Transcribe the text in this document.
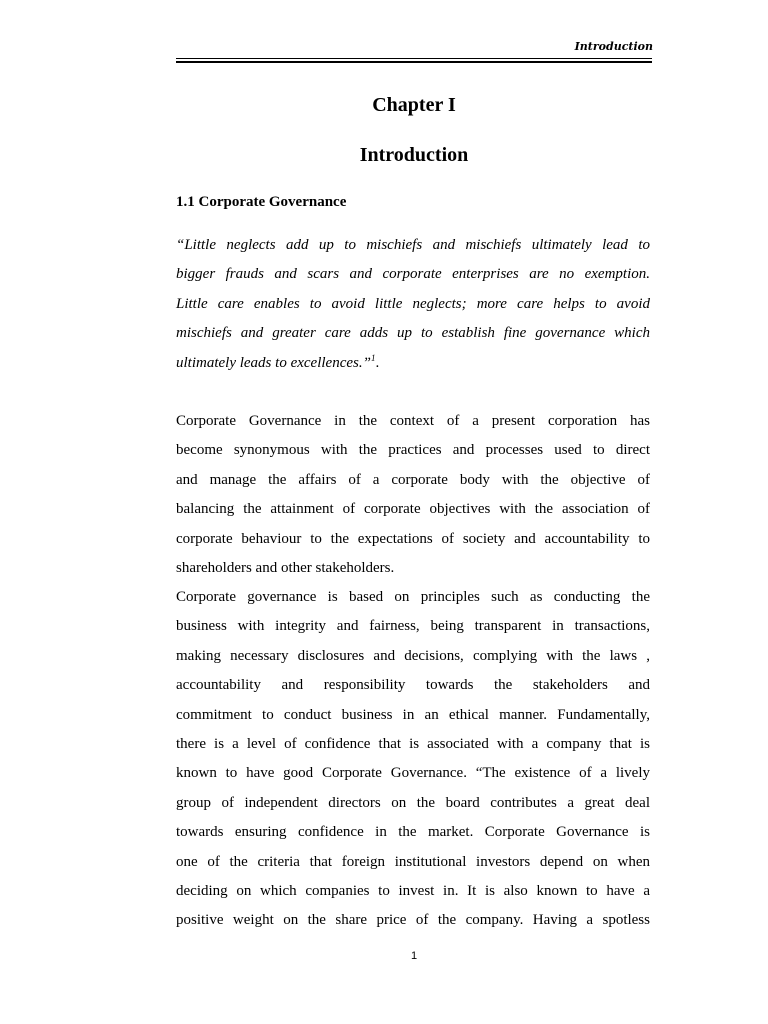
Introduction
Chapter I
Introduction
1.1 Corporate Governance
“Little neglects add up to mischiefs and mischiefs ultimately lead to
bigger frauds and scars and corporate enterprises are no exemption.
Little care enables to avoid little neglects; more care helps to avoid
mischiefs and greater care adds up to establish fine governance which
ultimately leads to excellences.”$^1$.
Corporate Governance in the context of a present corporation has
become synonymous with the practices and processes used to direct
and manage the affairs of a corporate body with the objective of
balancing the attainment of corporate objectives with the association of
corporate behaviour to the expectations of society and accountability to
shareholders and other stakeholders.
Corporate governance is based on principles such as conducting the
business with integrity and fairness, being transparent in transactions,
making necessary disclosures and decisions, complying with the laws ,
accountability and responsibility towards the stakeholders and
commitment to conduct business in an ethical manner. Fundamentally,
there is a level of confidence that is associated with a company that is
known to have good Corporate Governance. “The existence of a lively
group of independent directors on the board contributes a great deal
towards ensuring confidence in the market. Corporate Governance is
one of the criteria that foreign institutional investors depend on when
deciding on which companies to invest in. It is also known to have a
positive weight on the share price of the company. Having a spotless
1
